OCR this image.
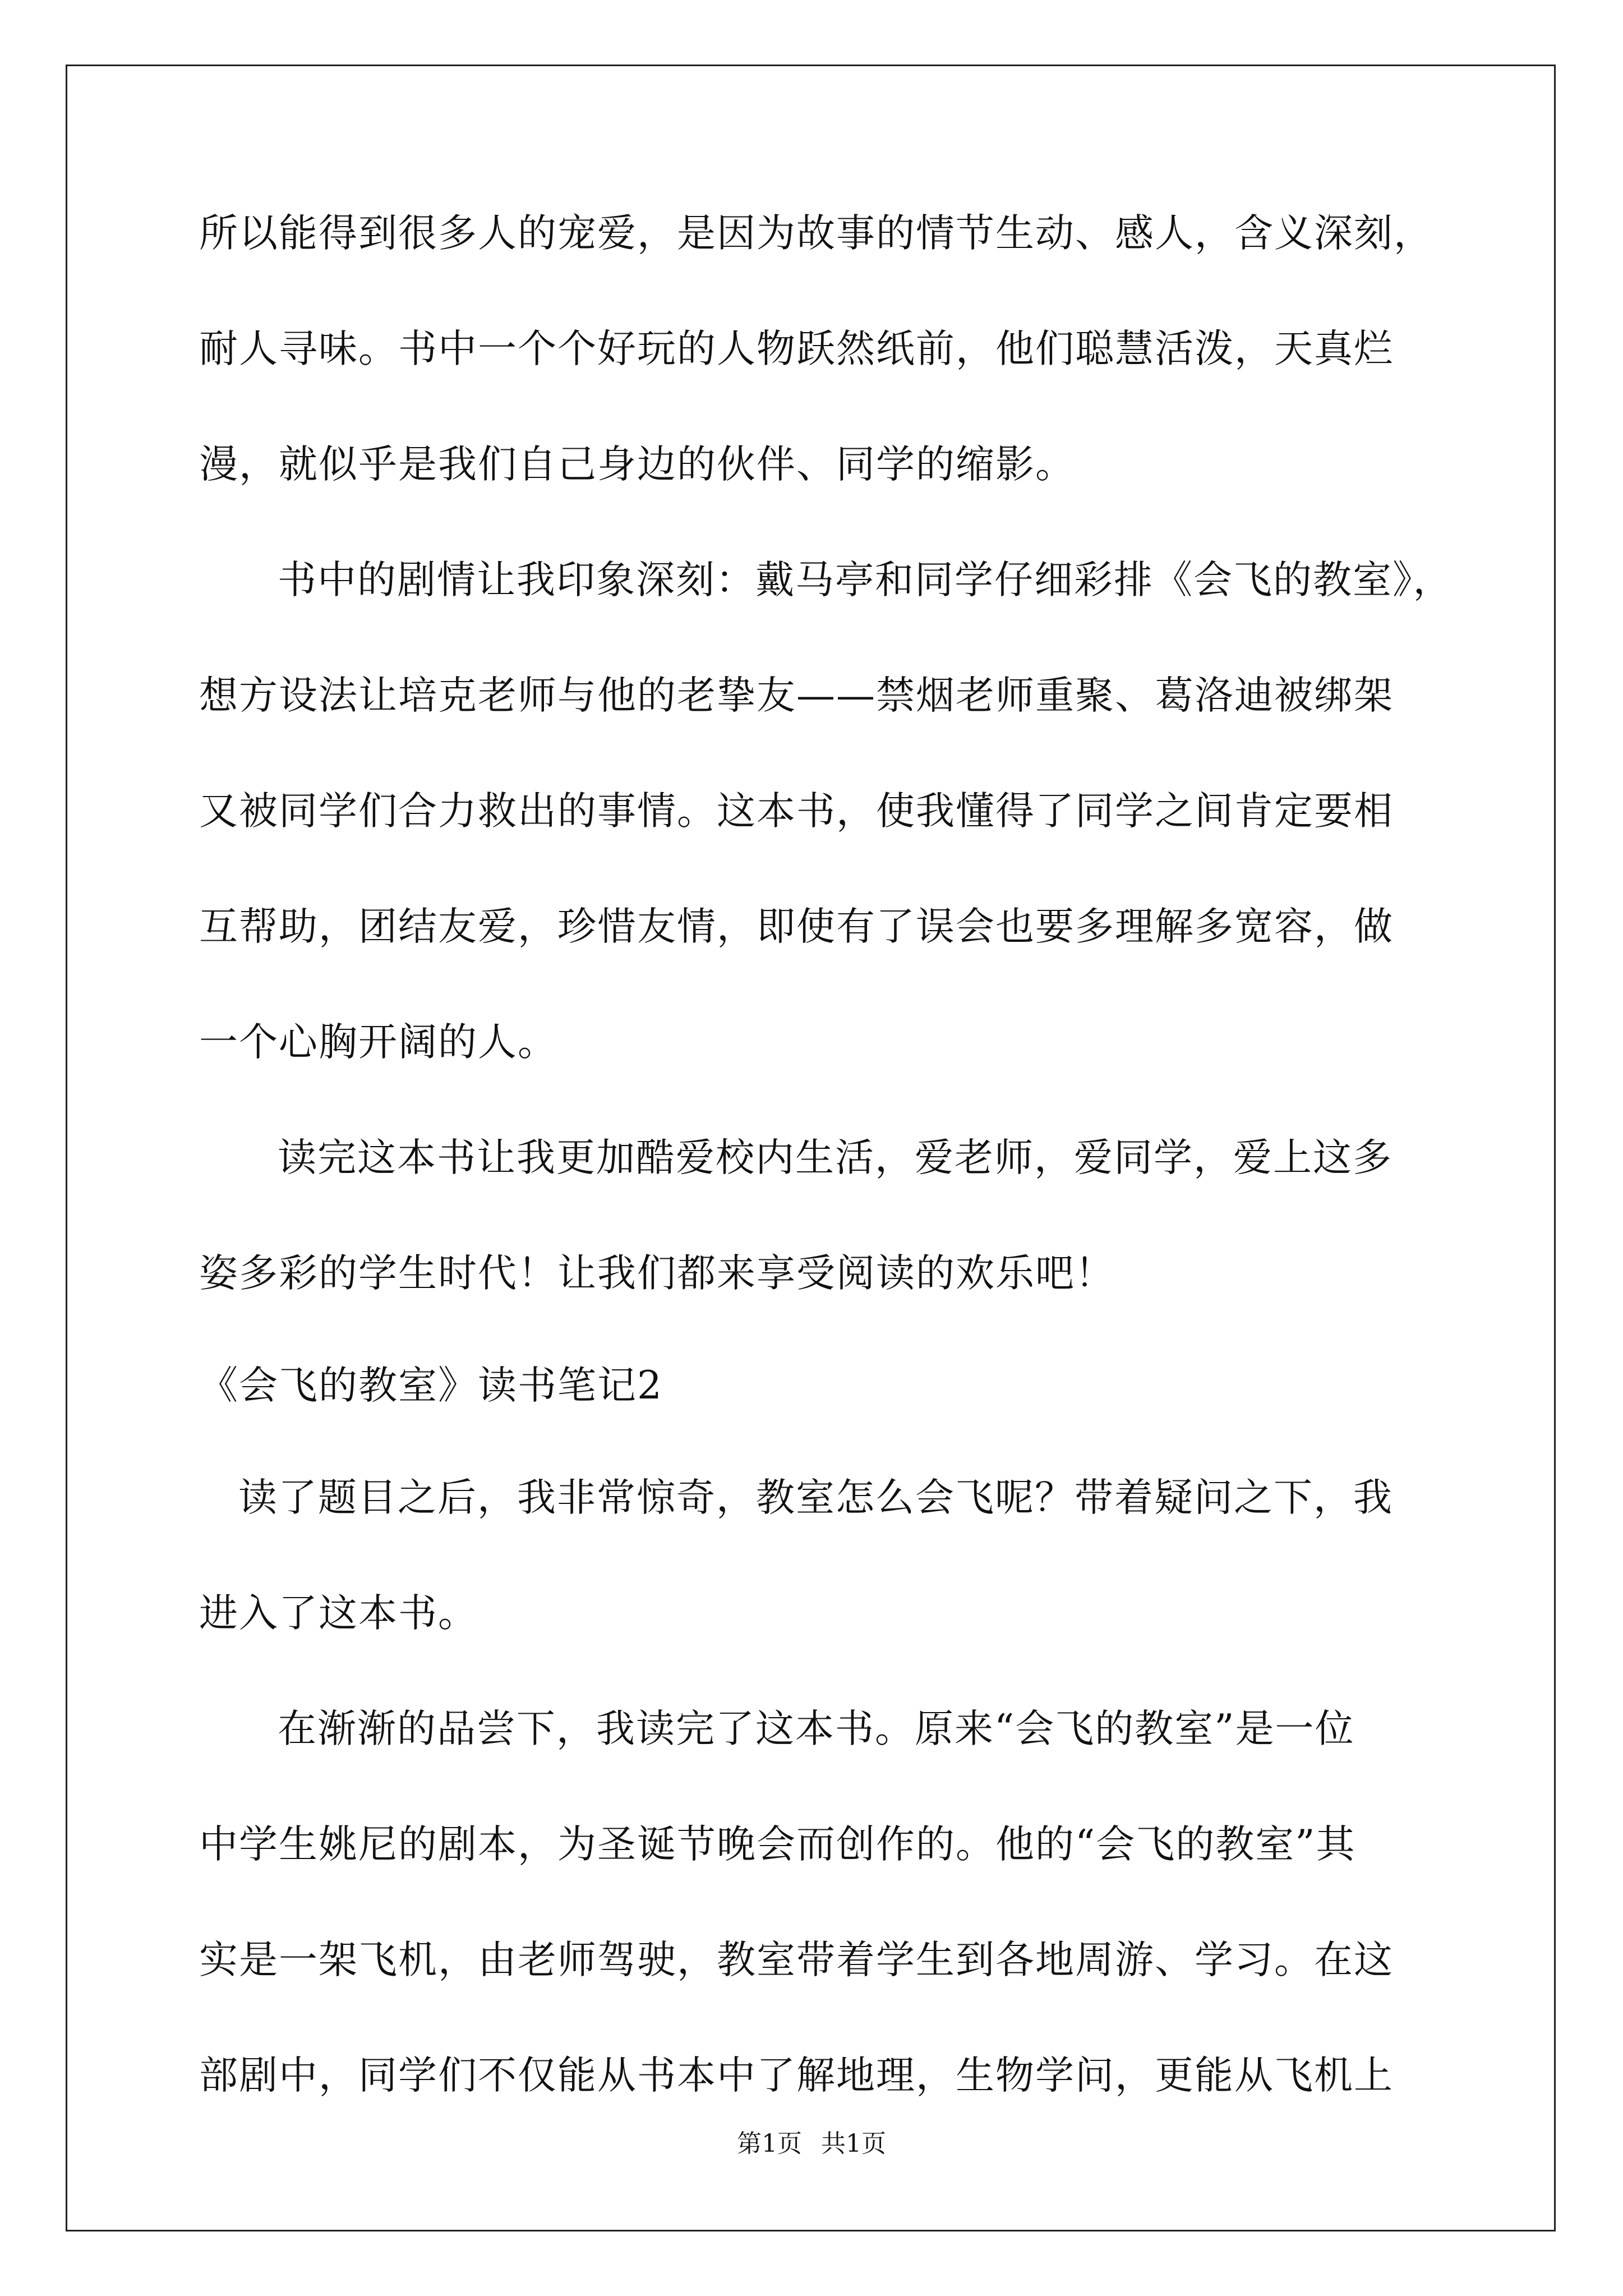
所以能得到很多人的宠爱，是因为故事的情节生动、感人，含义深刻，
耐人寻味。书中一个个好玩的人物跃然纸前，他们聪慧活泼，天真烂
漫，就似乎是我们自己身边的伙伴、同学的缩影。
书中的剧情让我印象深刻：戴马亭和同学仔细彩排《会飞的教室》，
想方设法让培克老师与他的老挚友——禁烟老师重聚、葛洛迪被绑架
又被同学们合力救出的事情。这本书，使我懂得了同学之间肯定要相
互帮助，团结友爱，珍惜友情，即使有了误会也要多理解多宽容，做
一个心胸开阔的人。
读完这本书让我更加酷爱校内生活，爱老师，爱同学，爱上这多
姿多彩的学生时代！让我们都来享受阅读的欢乐吧！
《会飞的教室》读书笔记2
读了题目之后，我非常惊奇，教室怎么会飞呢？带着疑问之下，我
进入了这本书。
在渐渐的品尝下，我读完了这本书。原来“会飞的教室”是一位
中学生姚尼的剧本，为圣诞节晚会而创作的。他的“会飞的教室”其
实是一架飞机，由老师驾驶，教室带着学生到各地周游、学习。在这
部剧中，同学们不仅能从书本中了解地理，生物学问，更能从飞机上
第1页 共1页
